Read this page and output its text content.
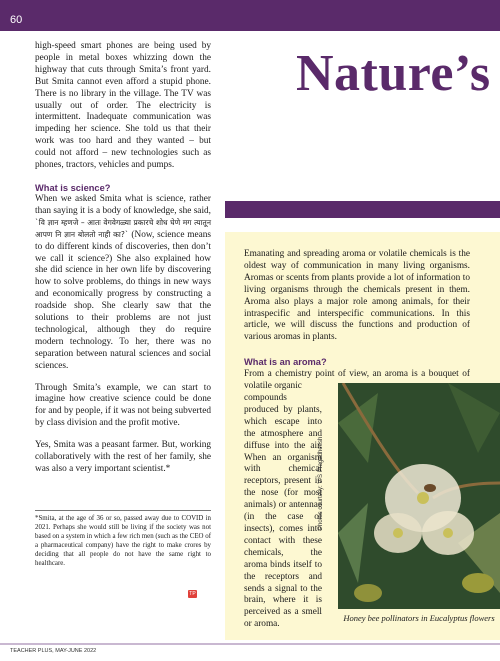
60
Nature’s

high-speed smart phones are being used by people in metal boxes whizzing down the highway that cuts through Smita’s front yard. But Smita cannot even afford a stupid phone. There is no library in the village. The TV was usually out of order. The electricity is intermittent. Inadequate communication was impeding her science. She told us that their work was too hard and they wanted – but could not afford – new technologies such as phones, tractors, vehicles and pumps.

What is science?

When we asked Smita what is science, rather than saying it is a body of knowledge, she said, `वि ज्ञान म्हणजे – आतः वेगवेगळ्या प्रकारचे शोध घेणे मग त्यातून आपण नि ज्ञान बोलतो नाही का?` (Now, science means to do different kinds of discoveries, then don’t we call it science?) She also explained how she did science in her own life by discovering how to solve problems, do things in new ways and economically progress by constructing a roadside shop. She clearly saw that the solutions to their problems are not just technological, although they do require modern technology. To her, there was no separation between natural sciences and social sciences.

Through Smita’s example, we can start to imagine how creative science could be done for and by people, if it was not being subverted by class division and the profit motive.

Yes, Smita was a peasant farmer. But, working collaboratively with the rest of her family, she was also a very important scientist.*

*Smita, at the age of 36 or so, passed away due to COVID in 2021. Perhaps she would still be living if the society was not based on a system in which a few rich men (such as the CEO of a pharmaceutical company) have the right to make crores by deciding that all people do not have the same right to healthcare.

TP

Emanating and spreading aroma or volatile chemicals is the oldest way of communication in many living organisms. Aromas or scents from plants provide a lot of information to living organisms through the chemicals present in them. Aroma also plays a major role among animals, for their intraspecific and interspecific communications. In this article, we will discuss the functions and production of various aromas in plants.

What is an aroma?

From a chemistry point of view, an aroma is a bouquet of volatile organic

compounds produced by plants, which escape into the atmosphere and diffuse into the air. When an organism with chemical receptors, present in the nose (for most animals) or antennae (in the case of insects), comes into contact with these chemicals, the aroma binds itself to the receptors and sends a signal to the brain, where it is perceived as a smell or aroma.

Photos courtesy: V S Pragadheesh
Honey bee pollinators in Eucalyptus flowers
TEACHER PLUS, MAY-JUNE 2022
